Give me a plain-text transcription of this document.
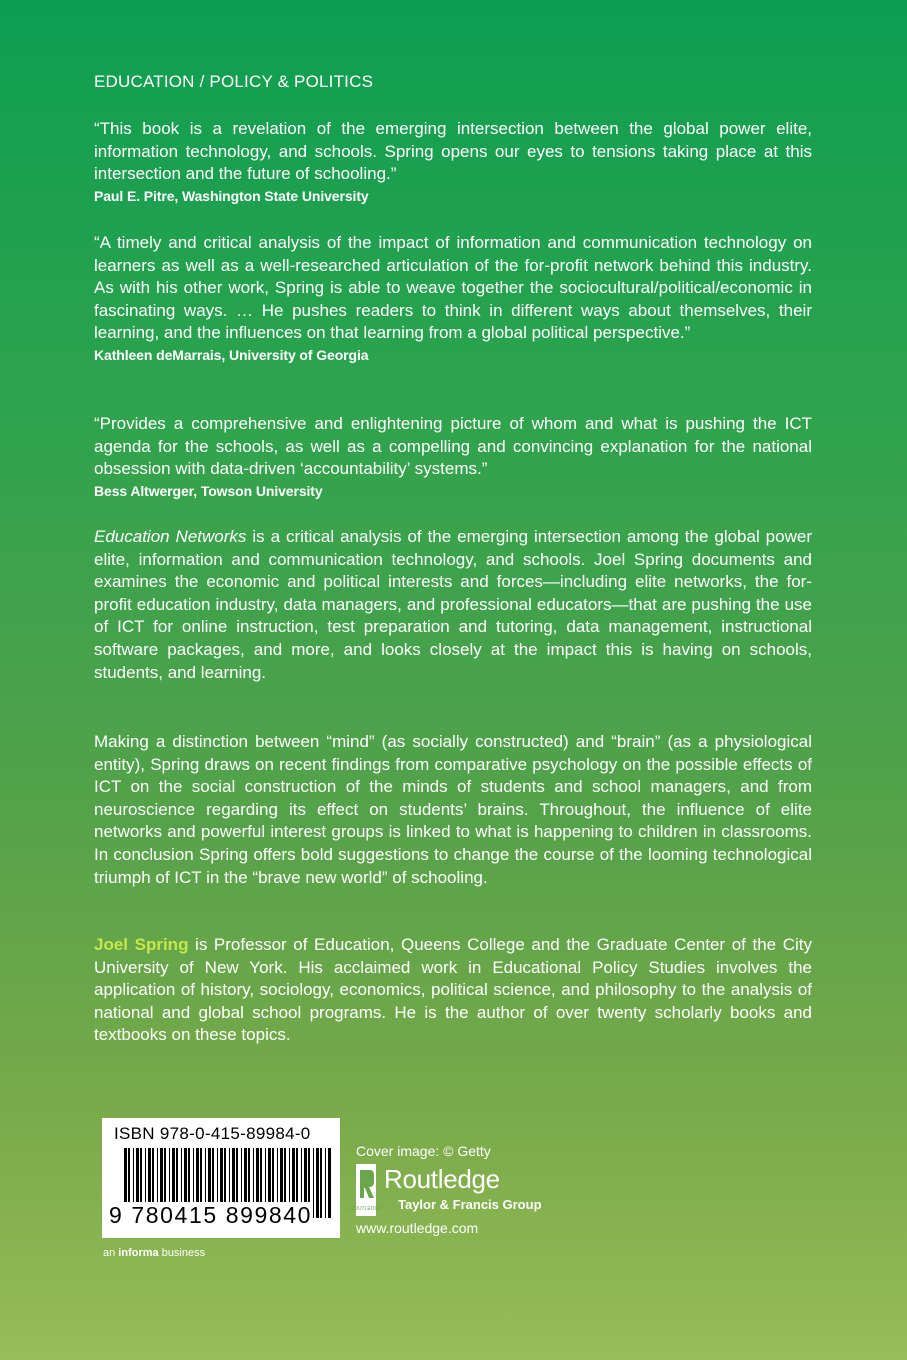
EDUCATION / POLICY & POLITICS

“This book is a revelation of the emerging intersection between the global power elite, information technology, and schools. Spring opens our eyes to tensions taking place at this intersection and the future of schooling.”

Paul E. Pitre, Washington State University

“A timely and critical analysis of the impact of information and communication technology on learners as well as a well-researched articulation of the for-profit network behind this industry. As with his other work, Spring is able to weave together the sociocultural/political/economic in fascinating ways. … He pushes readers to think in different ways about themselves, their learning, and the influences on that learning from a global political perspective.”

Kathleen deMarrais, University of Georgia

“Provides a comprehensive and enlightening picture of whom and what is pushing the ICT agenda for the schools, as well as a compelling and convincing explanation for the national obsession with data-driven ‘accountability’ systems.”

Bess Altwerger, Towson University

Education Networks is a critical analysis of the emerging intersection among the global power elite, information and communication technology, and schools. Joel Spring documents and examines the economic and political interests and forces—including elite networks, the for-profit education industry, data managers, and professional educators—that are pushing the use of ICT for online instruction, test preparation and tutoring, data management, instructional software packages, and more, and looks closely at the impact this is having on schools, students, and learning.

Making a distinction between “mind” (as socially constructed) and “brain” (as a physiological entity), Spring draws on recent findings from comparative psychology on the possible effects of ICT on the social construction of the minds of students and school managers, and from neuroscience regarding its effect on students’ brains. Throughout, the influence of elite networks and powerful interest groups is linked to what is happening to children in classrooms. In conclusion Spring offers bold suggestions to change the course of the looming technological triumph of ICT in the “brave new world” of schooling.

Joel Spring is Professor of Education, Queens College and the Graduate Center of the City University of New York. His acclaimed work in Educational Policy Studies involves the application of history, sociology, economics, political science, and philosophy to the analysis of national and global school programs. He is the author of over twenty scholarly books and textbooks on these topics.

ISBN 978-0-415-89984-0
9 780415 899840
an informa business
Cover image: © Getty
ROUTLEDGE
Routledge
Taylor & Francis Group
www.routledge.com
